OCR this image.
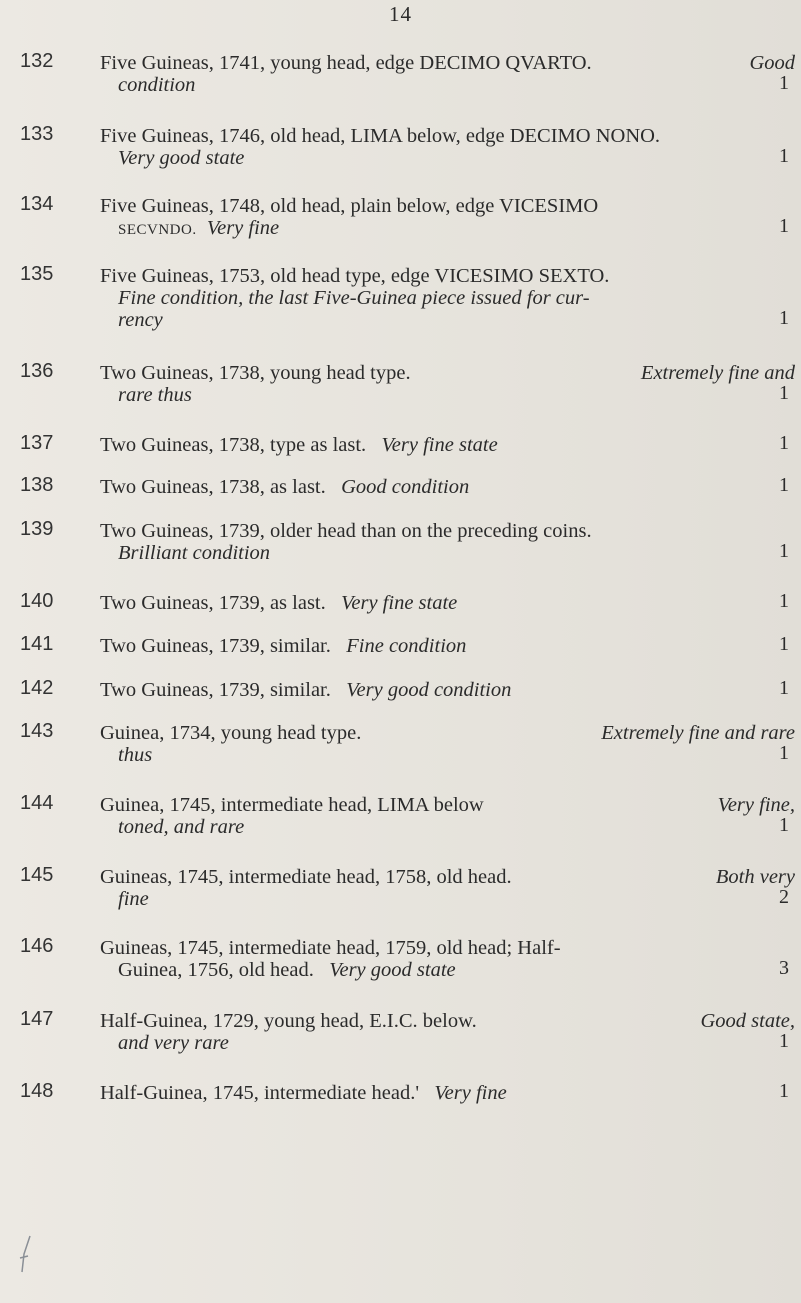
14
132 Five Guineas, 1741, young head, edge DECIMO QVARTO.	Good
condition	1
133 Five Guineas, 1746, old head, LIMA below, edge DECIMO NONO.
Very good state	1
134 Five Guineas, 1748, old head, plain below, edge VICESIMO
SECVNDO. Very fine	1
135 Five Guineas, 1753, old head type, edge VICESIMO SEXTO.
Fine condition, the last Five-Guinea piece issued for cur-
rency	1
136 Two Guineas, 1738, young head type.	Extremely fine and
rare thus	1
137 Two Guineas, 1738, type as last. Very fine state	1
138 Two Guineas, 1738, as last. Good condition	1
139 Two Guineas, 1739, older head than on the preceding coins.
Brilliant condition	1
140 Two Guineas, 1739, as last. Very fine state	1
141 Two Guineas, 1739, similar. Fine condition	1
142 Two Guineas, 1739, similar. Very good condition	1
143 Guinea, 1734, young head type.	Extremely fine and rare
thus	1
144 Guinea, 1745, intermediate head, LIMA below	Very fine,
toned, and rare	1
145 Guineas, 1745, intermediate head, 1758, old head.	Both very
fine	2
146 Guineas, 1745, intermediate head, 1759, old head; Half-
Guinea, 1756, old head. Very good state	3
147 Half-Guinea, 1729, young head, E.I.C. below.	Good state,
and very rare	1
148 Half-Guinea, 1745, intermediate head.' Very fine	1
